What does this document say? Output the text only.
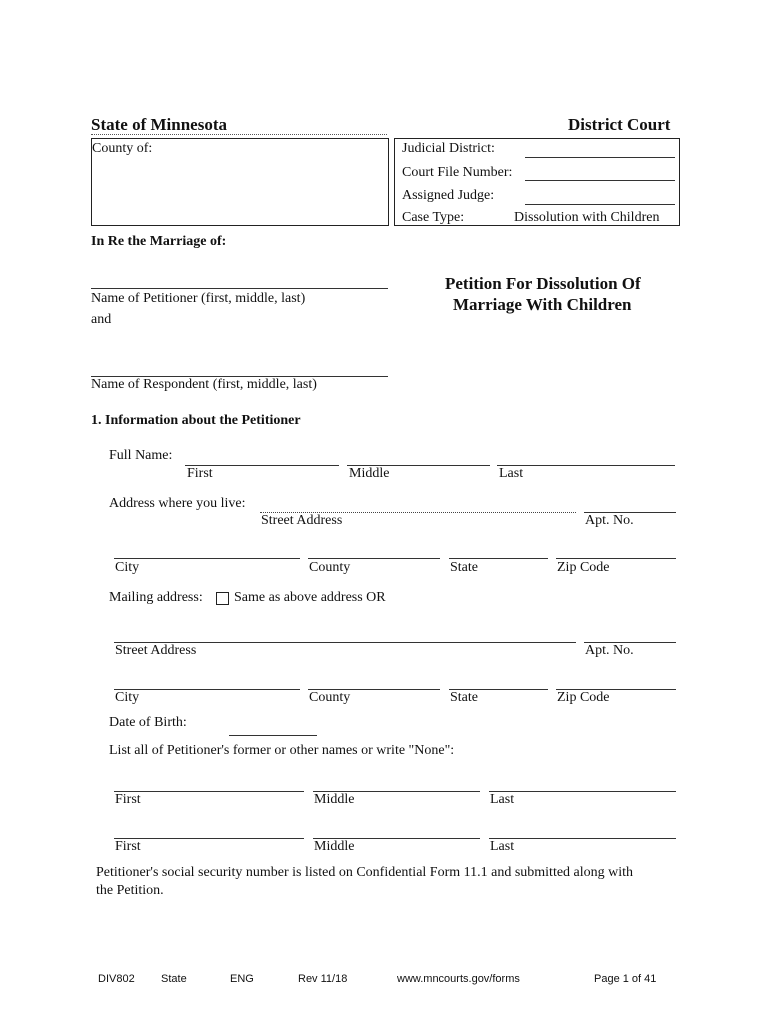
State of Minnesota	District Court
County of:	Judicial District:
Court File Number:
Assigned Judge:
Case Type:	Dissolution with Children
In Re the Marriage of:
Name of Petitioner (first, middle, last)
and
Name of Respondent (first, middle, last)
Petition For Dissolution Of
Marriage With Children
1. Information about the Petitioner
Full Name:
First	Middle	Last
Address where you live:
Street Address	Apt. No.
City	County	State	Zip Code
Mailing address: Same as above address OR
Street Address	Apt. No.
City	County	State	Zip Code
Date of Birth:
List all of Petitioner's former or other names or write "None":
First	Middle	Last
First	Middle	Last
Petitioner's social security number is listed on Confidential Form 11.1 and submitted along with
the Petition.
DIV802 State	ENG	Rev 11/18	www.mncourts.gov/forms	Page 1 of 41
